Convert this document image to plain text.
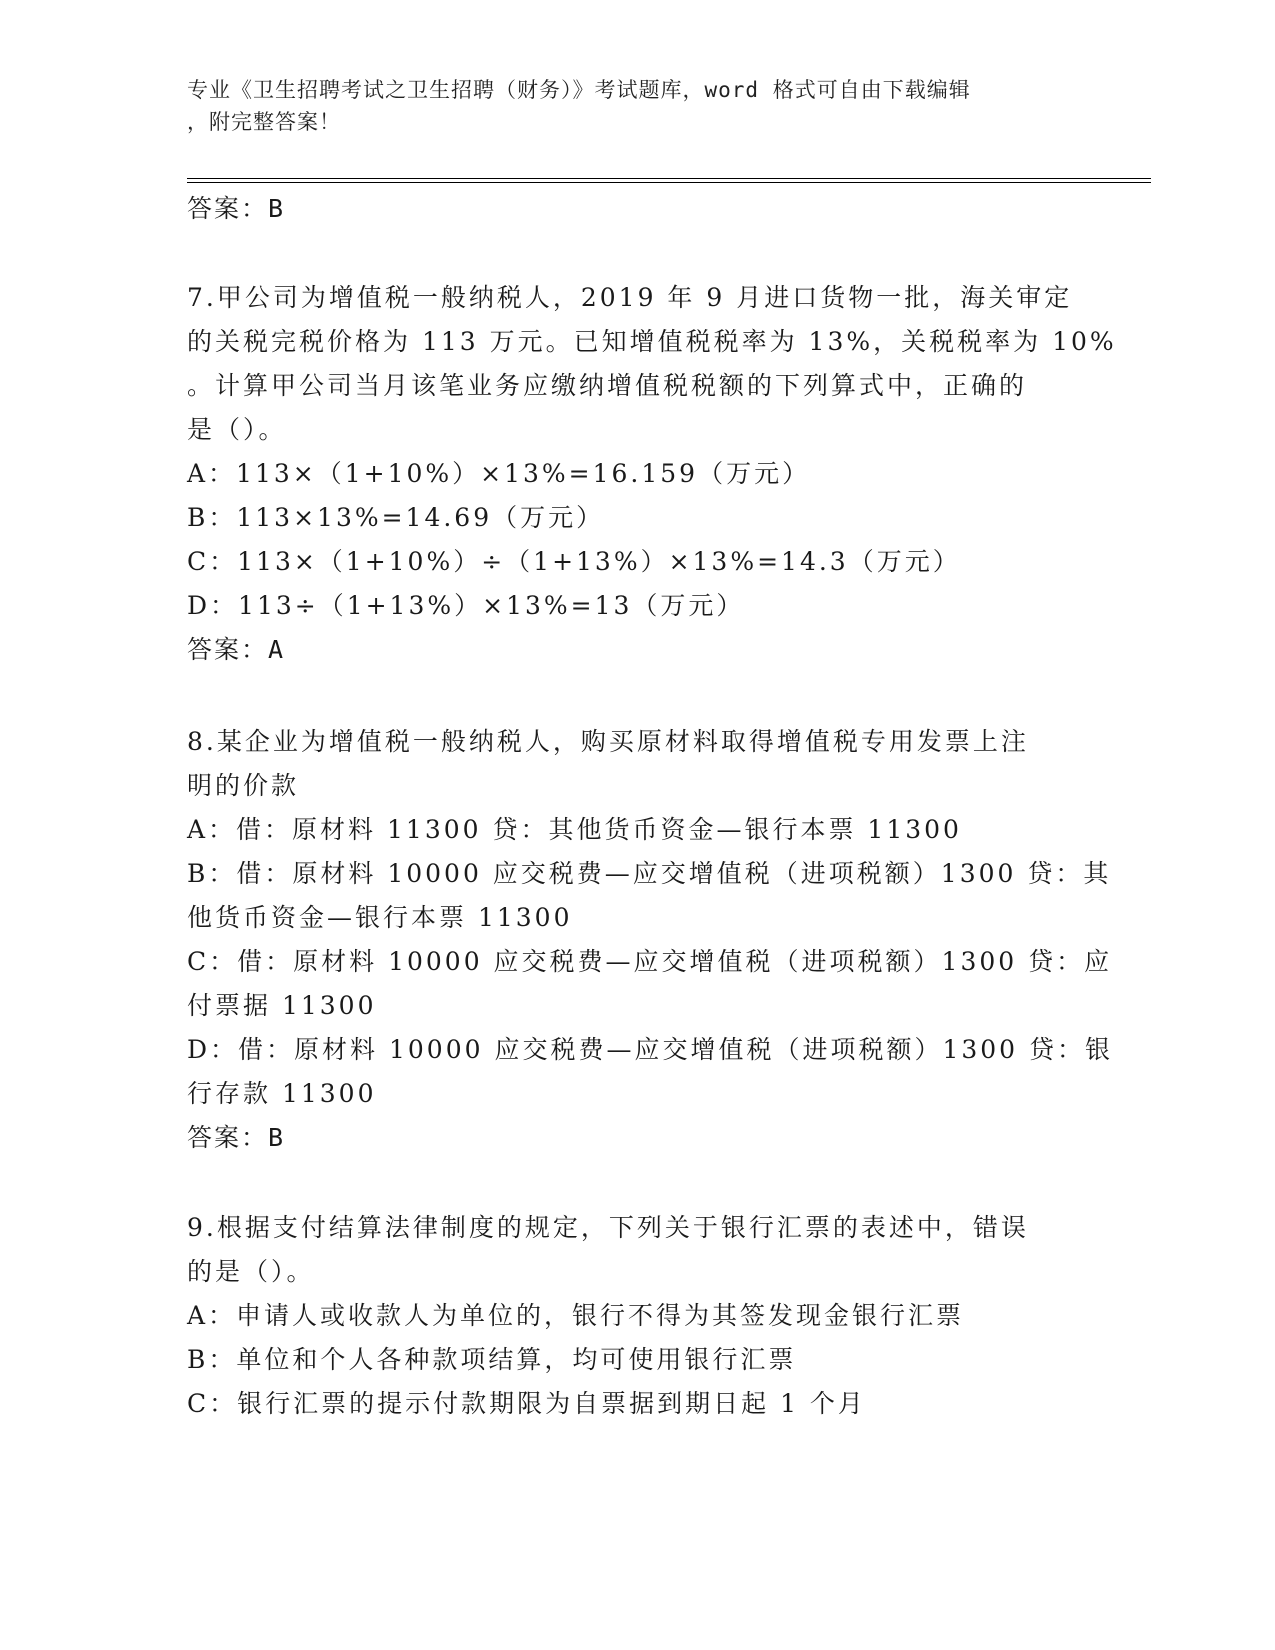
专业《卫生招聘考试之卫生招聘（财务）》考试题库，word 格式可自由下载编辑
，附完整答案！
答案：B
7.甲公司为增值税一般纳税人，2019 年 9 月进口货物一批，海关审定
的关税完税价格为 113 万元。已知增值税税率为 13%，关税税率为 10%
。计算甲公司当月该笔业务应缴纳增值税税额的下列算式中，正确的
是（）。
A：113×（1+10%）×13%=16.159（万元）
B：113×13%=14.69（万元）
C：113×（1+10%）÷（1+13%）×13%=14.3（万元）
D：113÷（1+13%）×13%=13（万元）
答案：A
8.某企业为增值税一般纳税人，购买原材料取得增值税专用发票上注
明的价款
A：借：原材料 11300 贷：其他货币资金—银行本票 11300
B：借：原材料 10000 应交税费—应交增值税（进项税额）1300 贷：其
他货币资金—银行本票 11300
C：借：原材料 10000 应交税费—应交增值税（进项税额）1300 贷：应
付票据 11300
D：借：原材料 10000 应交税费—应交增值税（进项税额）1300 贷：银
行存款 11300
答案：B
9.根据支付结算法律制度的规定，下列关于银行汇票的表述中，错误
的是（）。
A：申请人或收款人为单位的，银行不得为其签发现金银行汇票
B：单位和个人各种款项结算，均可使用银行汇票
C：银行汇票的提示付款期限为自票据到期日起 1 个月
